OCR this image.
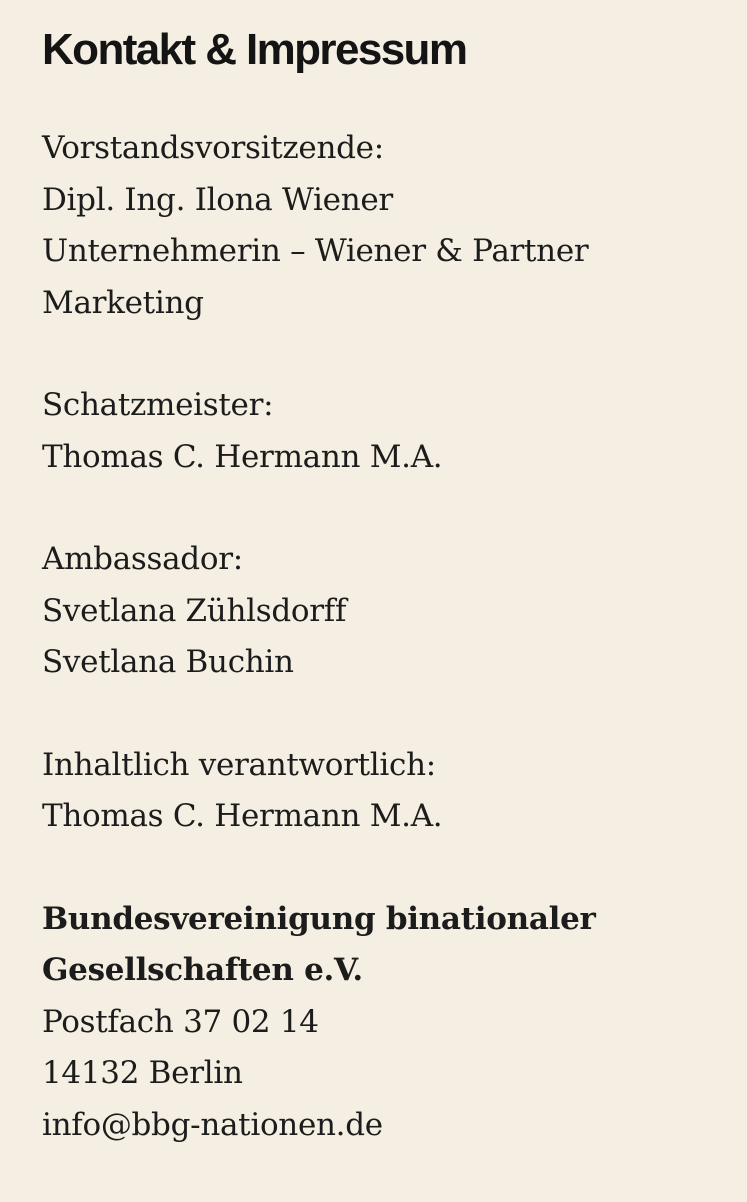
Kontakt & Impressum
Vorstandsvorsitzende:
Dipl. Ing. Ilona Wiener
Unternehmerin – Wiener & Partner
Marketing
Schatzmeister:
Thomas C. Hermann M.A.
Ambassador:
Svetlana Zühlsdorff
Svetlana Buchin
Inhaltlich verantwortlich:
Thomas C. Hermann M.A.
Bundesvereinigung binationaler
Gesellschaften e.V.
Postfach 37 02 14
14132 Berlin
info@bbg-nationen.de
